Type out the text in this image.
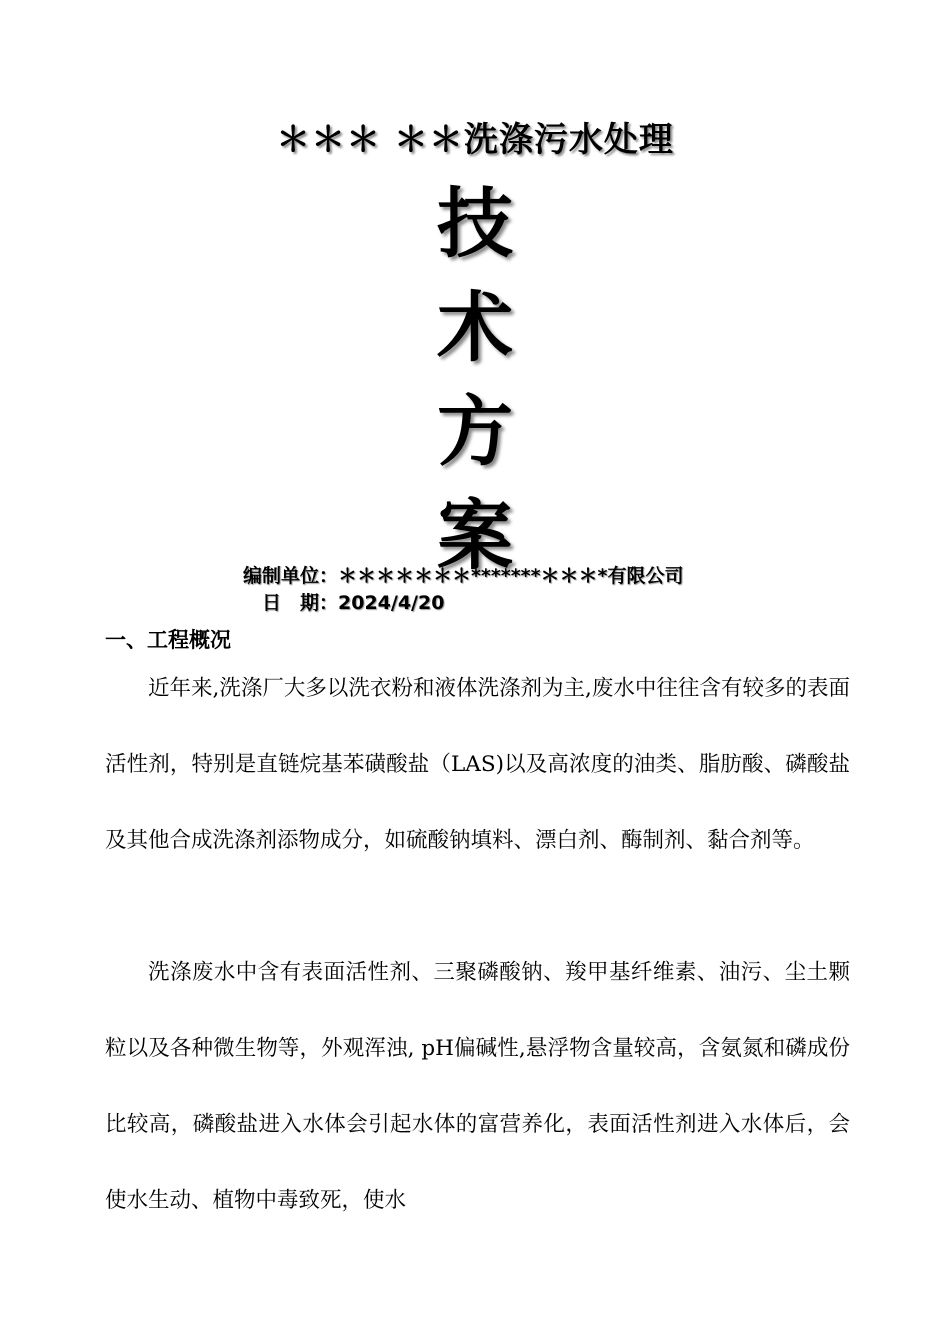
＊＊＊ ＊＊洗涤污水处理
技
术
方
案
编制单位：＊＊＊＊＊＊＊*******＊＊＊*有限公司
日　期：2024/4/20
一、工程概况

近年来,洗涤厂大多以洗衣粉和液体洗涤剂为主,废水中往往含有较多的表面活性剂，特别是直链烷基苯磺酸盐（LAS)以及高浓度的油类、脂肪酸、磷酸盐及其他合成洗涤剂添物成分，如硫酸钠填料、漂白剂、酶制剂、黏合剂等。

洗涤废水中含有表面活性剂、三聚磷酸钠、羧甲基纤维素、油污、尘土颗粒以及各种微生物等，外观浑浊, pH偏碱性,悬浮物含量较高，含氨氮和磷成份比较高，磷酸盐进入水体会引起水体的富营养化，表面活性剂进入水体后，会使水生动、植物中毒致死，使水
